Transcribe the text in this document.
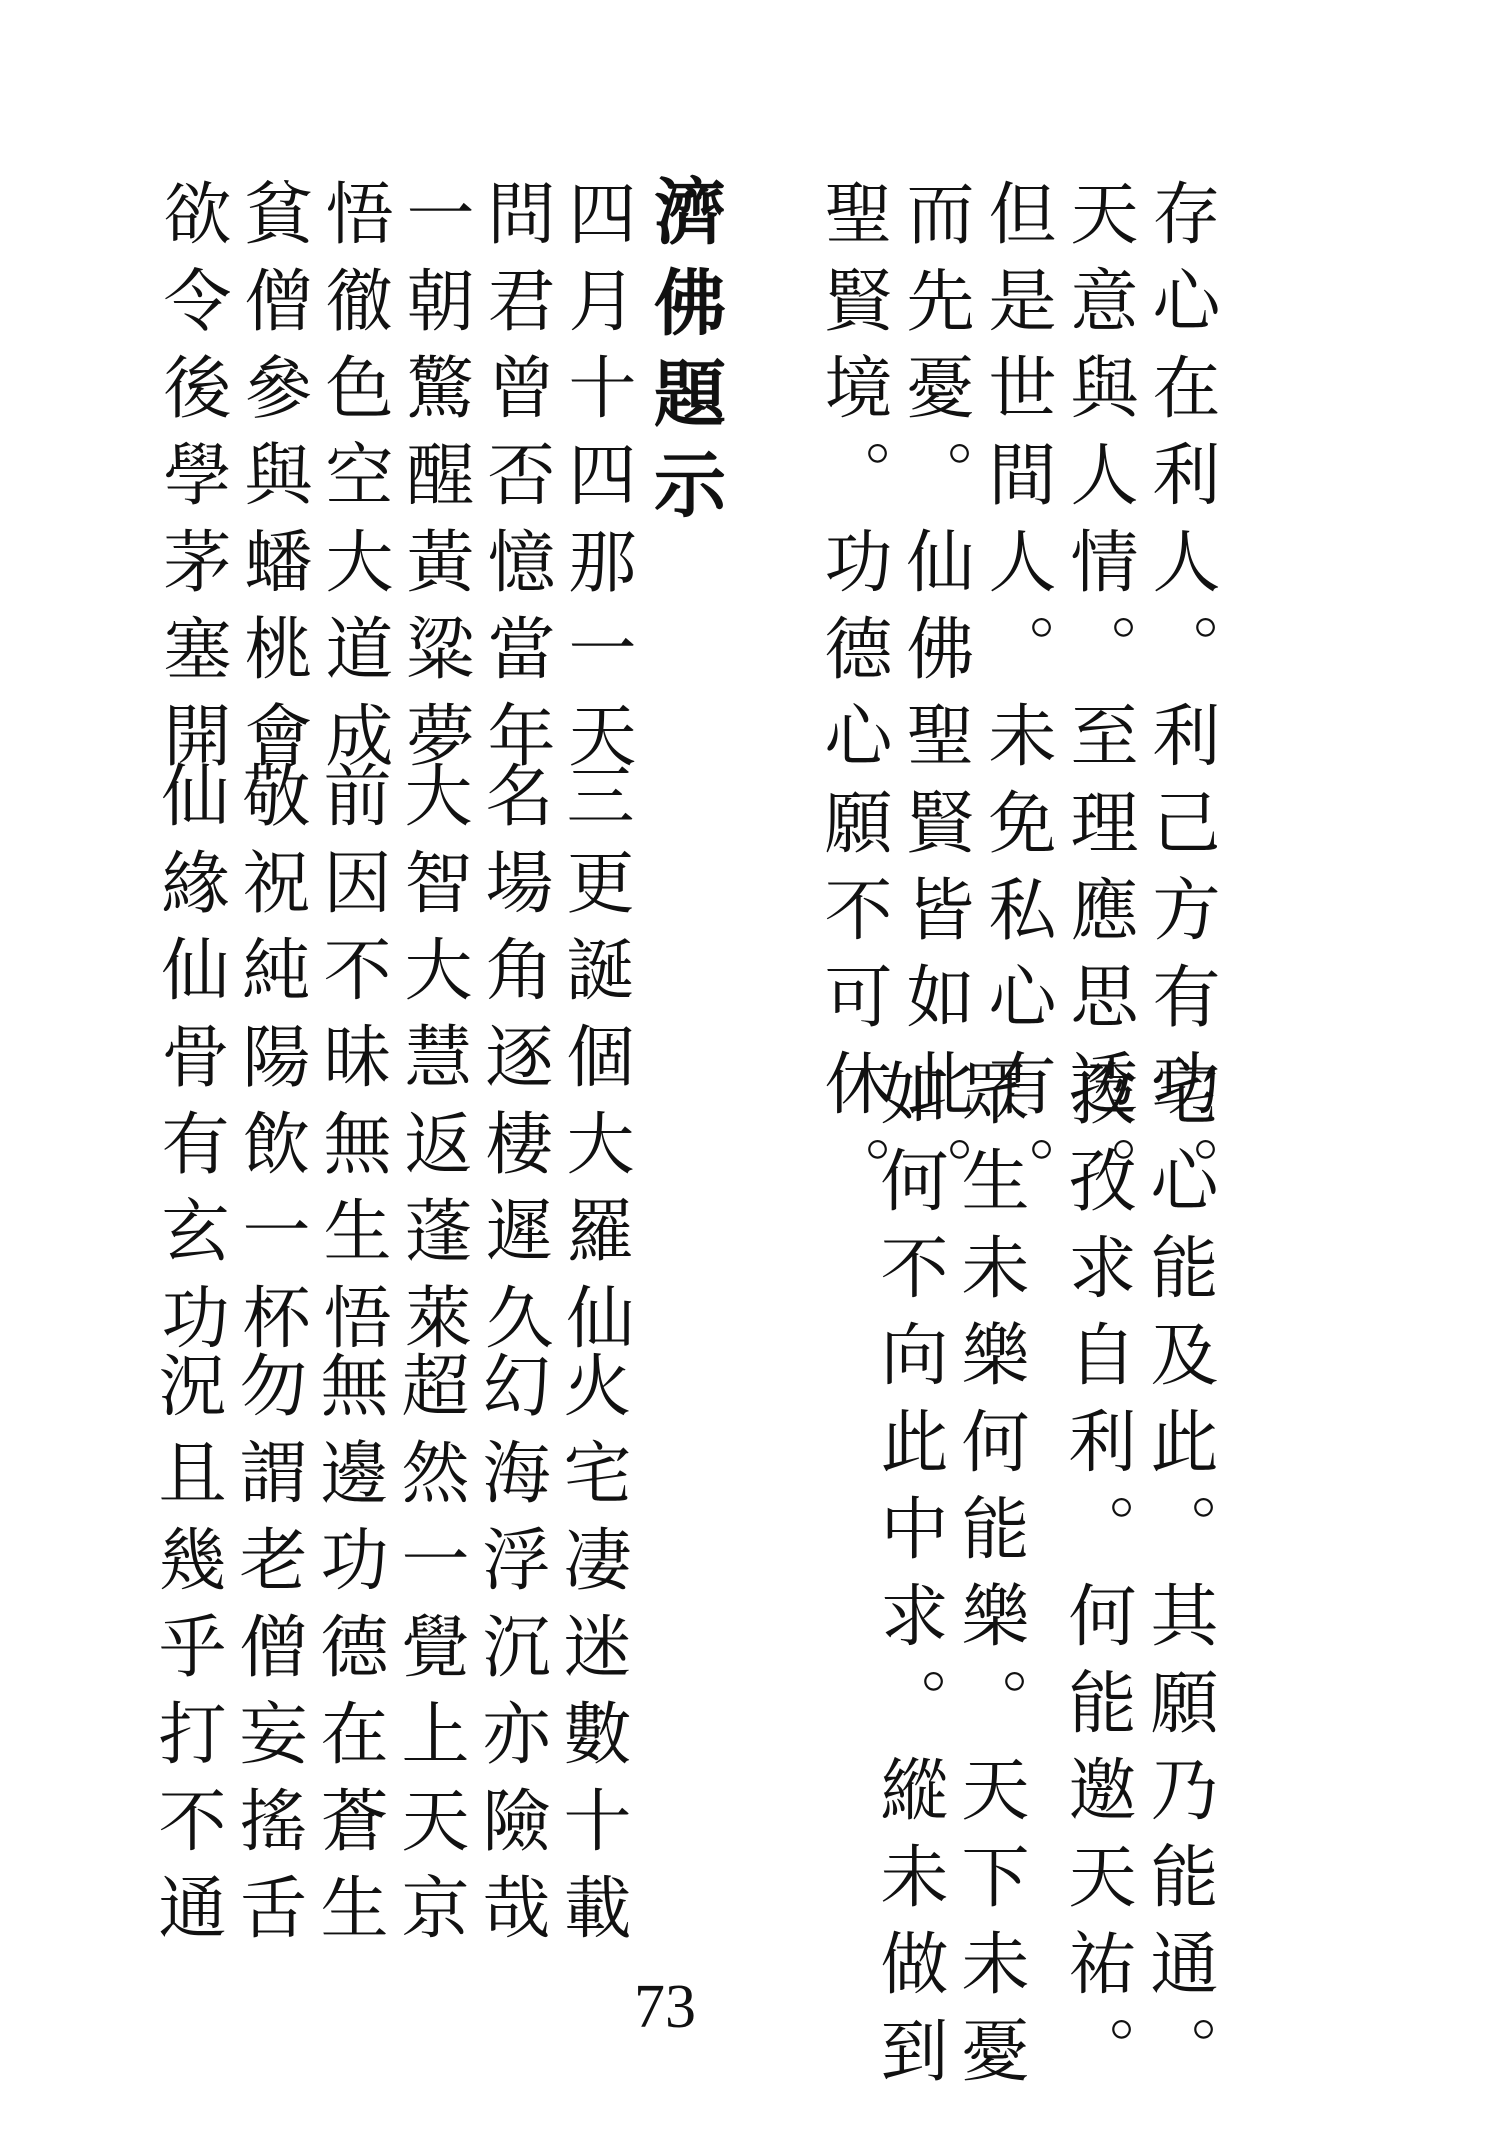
存心在利人。利己方有功。
天意與人情。至理應思透。
但是世間人。未免私心有。
而先憂。仙佛聖賢皆如此。
聖賢境。功德心願不可休。
宅心能及此。其願乃能通。
孜孜求自利。何能邀天祐。
眾生未樂何能樂。天下未憂
如何不向此中求。縱未做到
濟佛題示
四月十四那一天
問君曾否憶當年
一朝驚醒黃粱夢
悟徹色空大道成
貧僧參與蟠桃會
欲令後學茅塞開
三更誕個大羅仙
名場角逐棲遲久
大智大慧返蓬萊
前因不昧無生悟
敬祝純陽飲一杯
仙緣仙骨有玄功
火宅凄迷數十載
幻海浮沉亦險哉
超然一覺上天京
無邊功德在蒼生
勿謂老僧妄搖舌
況且幾乎打不通
73
